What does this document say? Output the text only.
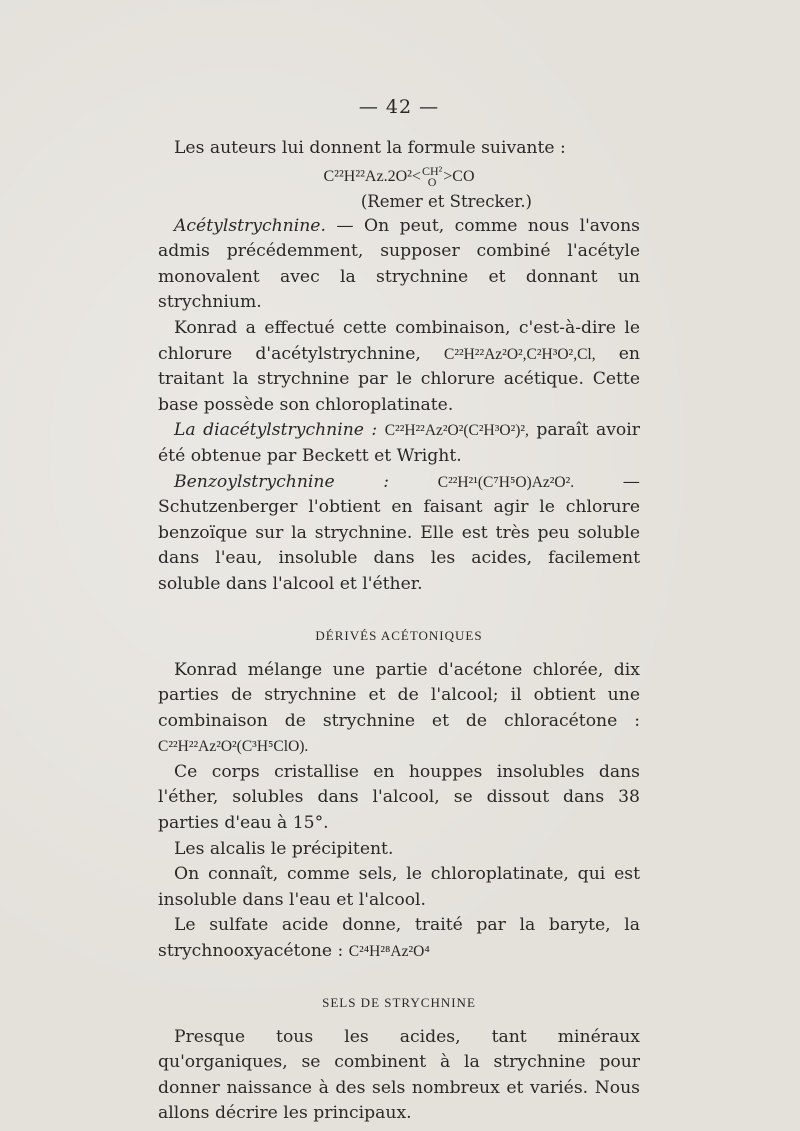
— 42 —

Les auteurs lui donnent la formule suivante :

C²²H²²Az.2O²<CH²
O >CO
(Remer et Strecker.)

Acétylstrychnine. — On peut, comme nous l'avons admis précédemment, supposer combiné l'acétyle monovalent avec la strychnine et donnant un strychnium.

Konrad a effectué cette combinaison, c'est-à-dire le chlorure d'acétylstrychnine, C²²H²²Az²O²,C²H³O²,Cl, en traitant la strychnine par le chlorure acétique. Cette base possède son chloroplatinate.

La diacétylstrychnine : C²²H²²Az²O²(C²H³O²)², paraît avoir été obtenue par Beckett et Wright.

Benzoylstrychnine :	C²²H²¹(C⁷H⁵O)Az²O². — Schutzenberger l'obtient en faisant agir le chlorure benzoïque sur la strychnine. Elle est très peu soluble dans l'eau, insoluble dans les acides, facilement soluble dans l'alcool et l'éther.

DÉRIVÉS ACÉTONIQUES

Konrad mélange une partie d'acétone chlorée, dix parties de strychnine et de l'alcool; il obtient une combinaison de strychnine et de chloracétone : C²²H²²Az²O²(C³H⁵ClO).

Ce corps cristallise en houppes insolubles dans l'éther, solubles dans l'alcool, se dissout dans 38 parties d'eau à 15°.

Les alcalis le précipitent.

On connaît, comme sels, le chloroplatinate, qui est insoluble dans l'eau et l'alcool.

Le sulfate acide donne, traité par la baryte, la strychnooxyacétone : C²⁴H²⁸Az²O⁴

SELS DE STRYCHNINE

Presque tous les acides, tant minéraux qu'organiques, se combinent à la strychnine pour donner naissance à des sels nombreux et variés. Nous allons décrire les principaux.
